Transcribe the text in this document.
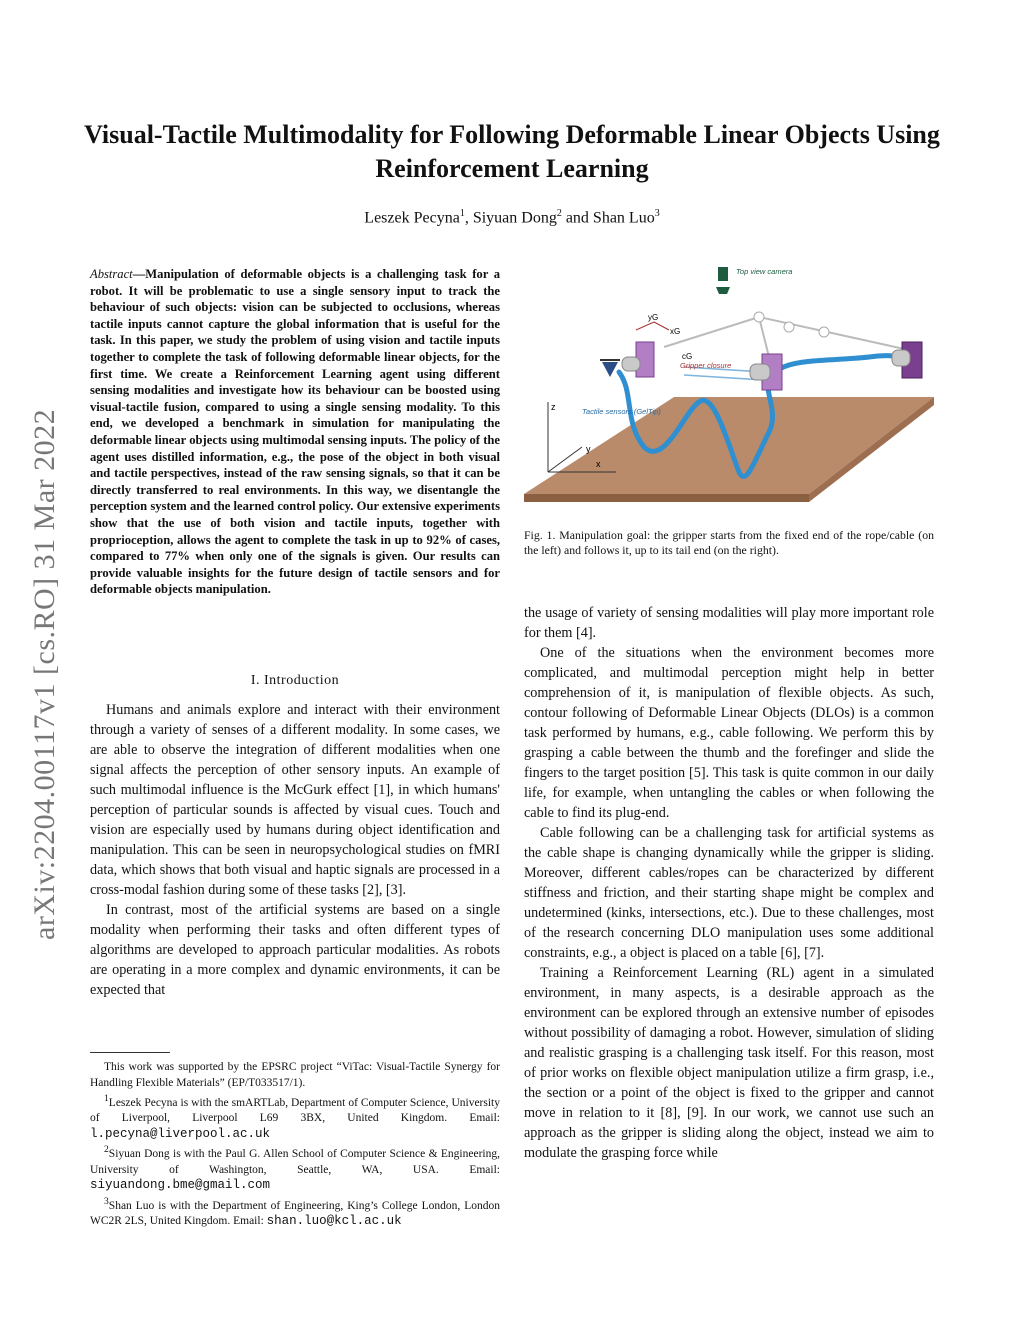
Visual-Tactile Multimodality for Following Deformable Linear Objects Using Reinforcement Learning
Leszek Pecyna$^1$, Siyuan Dong$^2$ and Shan Luo$^3$
arXiv:2204.00117v1 [cs.RO] 31 Mar 2022
Abstract—Manipulation of deformable objects is a challenging task for a robot. It will be problematic to use a single sensory input to track the behaviour of such objects: vision can be subjected to occlusions, whereas tactile inputs cannot capture the global information that is useful for the task. In this paper, we study the problem of using vision and tactile inputs together to complete the task of following deformable linear objects, for the first time. We create a Reinforcement Learning agent using different sensing modalities and investigate how its behaviour can be boosted using visual-tactile fusion, compared to using a single sensing modality. To this end, we developed a benchmark in simulation for manipulating the deformable linear objects using multimodal sensing inputs. The policy of the agent uses distilled information, e.g., the pose of the object in both visual and tactile perspectives, instead of the raw sensing signals, so that it can be directly transferred to real environments. In this way, we disentangle the perception system and the learned control policy. Our extensive experiments show that the use of both vision and tactile inputs, together with proprioception, allows the agent to complete the task in up to 92% of cases, compared to 77% when only one of the signals is given. Our results can provide valuable insights for the future design of tactile sensors and for deformable objects manipulation.
I. Introduction

Humans and animals explore and interact with their environment through a variety of senses of a different modality. In some cases, we are able to observe the integration of different modalities when one signal affects the perception of other sensory inputs. An example of such multimodal influence is the McGurk effect [1], in which humans' perception of particular sounds is affected by visual cues. Touch and vision are especially used by humans during object identification and manipulation. This can be seen in neuropsychological studies on fMRI data, which shows that both visual and haptic signals are processed in a cross-modal fashion during some of these tasks [2], [3].

In contrast, most of the artificial systems are based on a single modality when performing their tasks and often different types of algorithms are developed to approach particular modalities. As robots are operating in a more complex and dynamic environments, it can be expected that

This work was supported by the EPSRC project “ViTac: Visual-Tactile Synergy for Handling Flexible Materials” (EP/T033517/1).

$^1$Leszek Pecyna is with the smARTLab, Department of Computer Science, University of Liverpool, Liverpool L69 3BX, United Kingdom. Email: l.pecyna@liverpool.ac.uk

$^2$Siyuan Dong is with the Paul G. Allen School of Computer Science & Engineering, University of Washington, Seattle, WA, USA. Email: siyuandong.bme@gmail.com

$^3$Shan Luo is with the Department of Engineering, King’s College London, London WC2R 2LS, United Kingdom. Email: shan.luo@kcl.ac.uk

z
y
x
Top view camera
yG
xG
cG
Gripper closure
Tactile sensors (GelTip)
Fig. 1. Manipulation goal: the gripper starts from the fixed end of the rope/cable (on the left) and follows it, up to its tail end (on the right).

the usage of variety of sensing modalities will play more important role for them [4].

One of the situations when the environment becomes more complicated, and multimodal perception might help in better comprehension of it, is manipulation of flexible objects. As such, contour following of Deformable Linear Objects (DLOs) is a common task performed by humans, e.g., cable following. We perform this by grasping a cable between the thumb and the forefinger and slide the fingers to the target position [5]. This task is quite common in our daily life, for example, when untangling the cables or when following the cable to find its plug-end.

Cable following can be a challenging task for artificial systems as the cable shape is changing dynamically while the gripper is sliding. Moreover, different cables/ropes can be characterized by different stiffness and friction, and their starting shape might be complex and undetermined (kinks, intersections, etc.). Due to these challenges, most of the research concerning DLO manipulation uses some additional constraints, e.g., a object is placed on a table [6], [7].

Training a Reinforcement Learning (RL) agent in a simulated environment, in many aspects, is a desirable approach as the environment can be explored through an extensive number of episodes without possibility of damaging a robot. However, simulation of sliding and realistic grasping is a challenging task itself. For this reason, most of prior works on flexible object manipulation utilize a firm grasp, i.e., the section or a point of the object is fixed to the gripper and cannot move in relation to it [8], [9]. In our work, we cannot use such an approach as the gripper is sliding along the object, instead we aim to modulate the grasping force while
